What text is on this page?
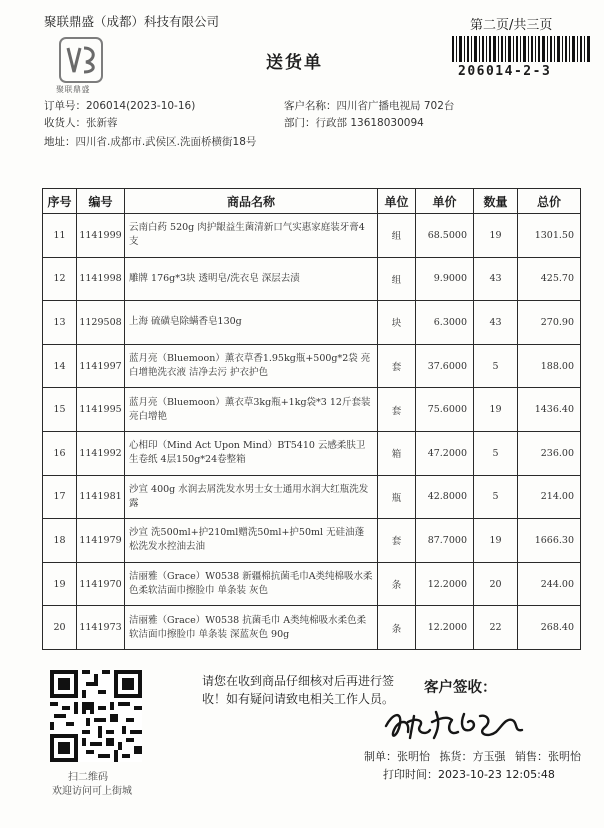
聚联鼎盛（成都）科技有限公司
聚联鼎盛
送货单
第二页/共三页
206014-2-3
订单号：206014(2023-10-16)
收货人：张新蓉
地址：四川省.成都市.武侯区.洗面桥横街18号
客户名称：四川省广播电视局 702台
部门：行政部 13618030094
序号	编号	商品名称	单位	单价	数量	总价
11	1141999	云南白药 520g 肉护龈益生菌清新口气实惠家庭装牙膏4支	组	68.5000	19	1301.50
12	1141998	雕牌 176g*3块 透明皂/洗衣皂 深层去渍	组	9.9000	43	425.70
13	1129508	上海 硫磺皂除螨香皂130g	块	6.3000	43	270.90
14	1141997	蓝月亮（Bluemoon）薰衣草香1.95kg瓶+500g*2袋 亮白增艳洗衣液 洁净去污 护衣护色	套	37.6000	5	188.00
15	1141995	蓝月亮（Bluemoon）薰衣草3kg瓶+1kg袋*3 12斤套装 亮白增艳	套	75.6000	19	1436.40
16	1141992	心相印（Mind Act Upon Mind）BT5410 云感柔肤卫生卷纸 4层150g*24卷整箱	箱	47.2000	5	236.00
17	1141981	沙宣 400g 水润去屑洗发水男士女士通用水润大红瓶洗发露	瓶	42.8000	5	214.00
18	1141979	沙宣 洗500ml+护210ml赠洗50ml+护50ml 无硅油蓬松洗发水控油去油	套	87.7000	19	1666.30
19	1141970	洁丽雅（Grace）W0538 新疆棉抗菌毛巾A类纯棉吸水柔色柔软洁面巾擦脸巾 单条装 灰色	条	12.2000	20	244.00
20	1141973	洁丽雅（Grace）W0538 抗菌毛巾 A类纯棉吸水柔色柔软洁面巾擦脸巾 单条装 深蓝灰色 90g	条	12.2000	22	268.40
扫二维码
欢迎访问可上街城
请您在收到商品仔细核对后再进行签收！如有疑问请致电相关工作人员。
客户签收：
制单：张明怡 拣货：方玉强 销售：张明怡
打印时间：2023-10-23 12:05:48
